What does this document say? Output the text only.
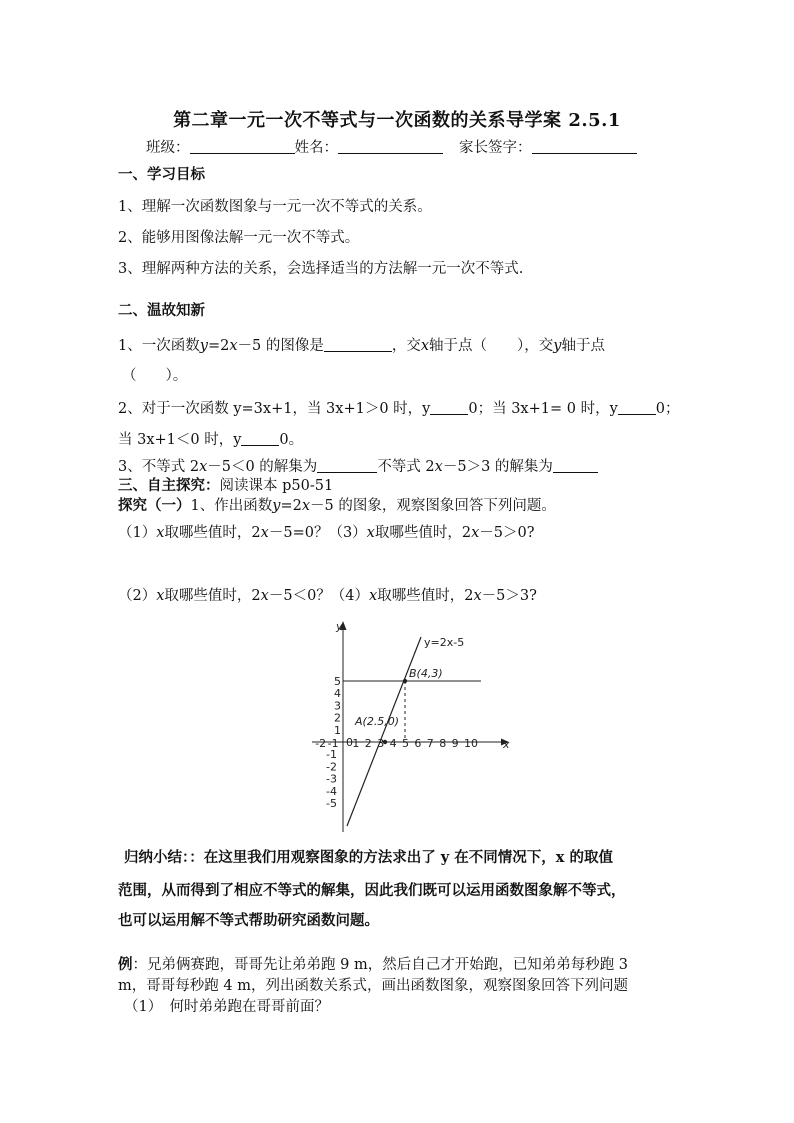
第二章一元一次不等式与一次函数的关系导学案 2.5.1
班级：	姓名：	家长签字：
一、学习目标
1、理解一次函数图象与一元一次不等式的关系。
2、能够用图像法解一元一次不等式。
3、理解两种方法的关系，会选择适当的方法解一元一次不等式.
二、温故知新
1、一次函数y=2x－5 的图像是	，交x轴于点（ ），交y轴于点
（　　）。
2、对于一次函数 y=3x+1，当 3x+1＞0 时，y	0；当 3x+1= 0 时，y	0；
当 3x+1＜0 时，y	0。
3、不等式 2x－5＜0 的解集为	不等式 2x－5＞3 的解集为
三、自主探究：阅读课本 p50-51
探究（一）1、作出函数y=2x－5 的图象，观察图象回答下列问题。
（1）x取哪些值时，2x－5=0？（3）x取哪些值时，2x－5＞0?
（2）x取哪些值时，2x－5＜0？（4）x取哪些值时，2x－5＞3?
-2 -1 1 2 3 4 5 6 7 8 9 10
5
4
3
2
1
-1
-2
-3
-4
-5
y=2x-5
B(4,3)
A(2.5,0)
x
y
0
归纳小结：：在这里我们用观察图象的方法求出了 y 在不同情况下，x 的取值
范围，从而得到了相应不等式的解集，因此我们既可以运用函数图象解不等式，
也可以运用解不等式帮助研究函数问题。
例：兄弟俩赛跑，哥哥先让弟弟跑 9 m，然后自己才开始跑，已知弟弟每秒跑 3
m，哥哥每秒跑 4 m，列出函数关系式，画出函数图象，观察图象回答下列问题
（1）　何时弟弟跑在哥哥前面？
